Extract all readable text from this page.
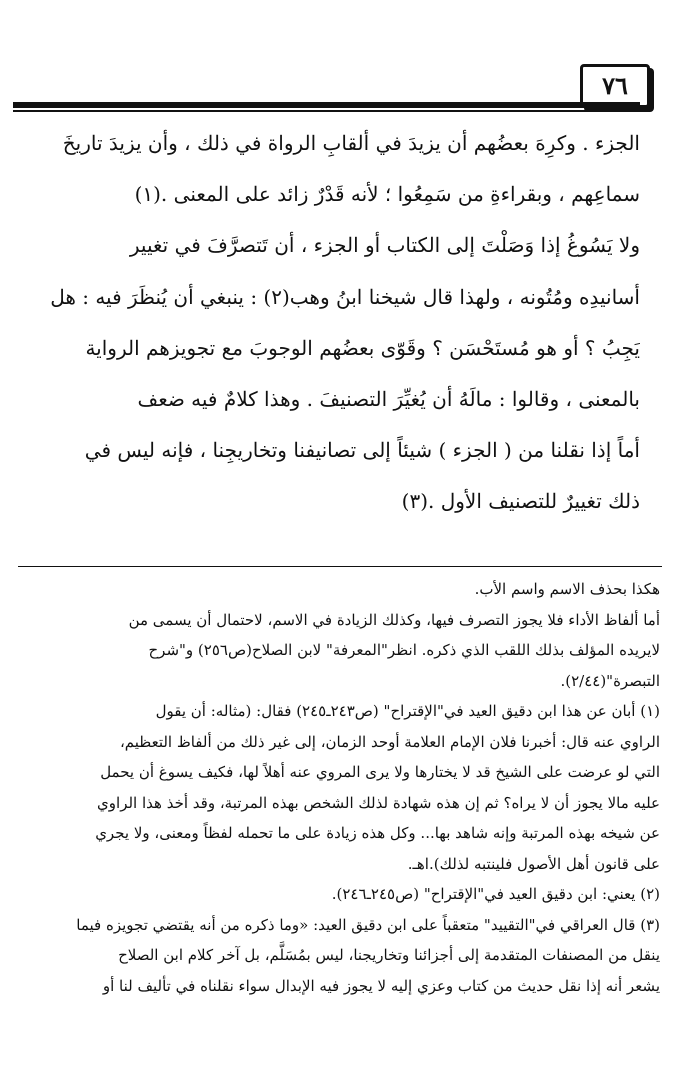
٧٦
الجزء . وكرِهَ بعضُهم أن يزيدَ في ألقابِ الرواة في ذلك ، وأن يزيدَ تاريخَ
سماعِهم ، وبقراءةِ من سَمِعُوا ؛ لأنه قَدْرٌ زائد على المعنى .(١)
ولا يَسُوغُ إذا وَصَلْتَ إلى الكتاب أو الجزء ، أن تَتصرَّفَ في تغيير
أسانيدِه ومُتُونه ، ولهذا قال شيخنا ابنُ وهب(٢) : ينبغي أن يُنظَرَ فيه : هل
يَجِبُ ؟ أو هو مُستَحْسَن ؟ وقَوّى بعضُهم الوجوبَ مع تجويزهم الرواية
بالمعنى ، وقالوا : مالَهُ أن يُغيِّرَ التصنيفَ . وهذا كلامٌ فيه ضعف
أماً إذا نقلنا من ( الجزء ) شيئاً إلى تصانيفنا وتخاريجِنا ، فإنه ليس في
ذلك تغييرٌ للتصنيف الأول .(٣)
هكذا بحذف الاسم واسم الأب.
أما ألفاظ الأداء فلا يجوز التصرف فيها، وكذلك الزيادة في الاسم، لاحتمال أن يسمى من
لايريده المؤلف بذلك اللقب الذي ذكره. انظر"المعرفة" لابن الصلاح(ص٢٥٦) و"شرح
التبصرة"(٢/٤٤).
(١) أبان عن هذا ابن دقيق العيد في"الإقتراح" (ص٢٤٣ـ٢٤٥) فقال: (مثاله: أن يقول
الراوي عنه قال: أخبرنا فلان الإمام العلامة أوحد الزمان، إلى غير ذلك من ألفاظ التعظيم،
التي لو عرضت على الشيخ قد لا يختارها ولا يرى المروي عنه أهلاً لها، فكيف يسوغ أن يحمل
عليه مالا يجوز أن لا يراه؟ ثم إن هذه شهادة لذلك الشخص بهذه المرتبة، وقد أخذ هذا الراوي
عن شيخه بهذه المرتبة وإنه شاهد بها... وكل هذه زيادة على ما تحمله لفظاً ومعنى، ولا يجري
على قانون أهل الأصول فلينتبه لذلك).اهـ.
(٢) يعني: ابن دقيق العيد في"الإقتراح" (ص٢٤٥ـ٢٤٦).
(٣) قال العراقي في"التقييد" متعقباً على ابن دقيق العيد: «وما ذكره من أنه يقتضي تجويزه فيما
ينقل من المصنفات المتقدمة إلى أجزائنا وتخاريجنا، ليس بمُسَلَّم، بل آخر كلام ابن الصلاح
يشعر أنه إذا نقل حديث من كتاب وعزي إليه لا يجوز فيه الإبدال سواء نقلناه في تأليف لنا أو
